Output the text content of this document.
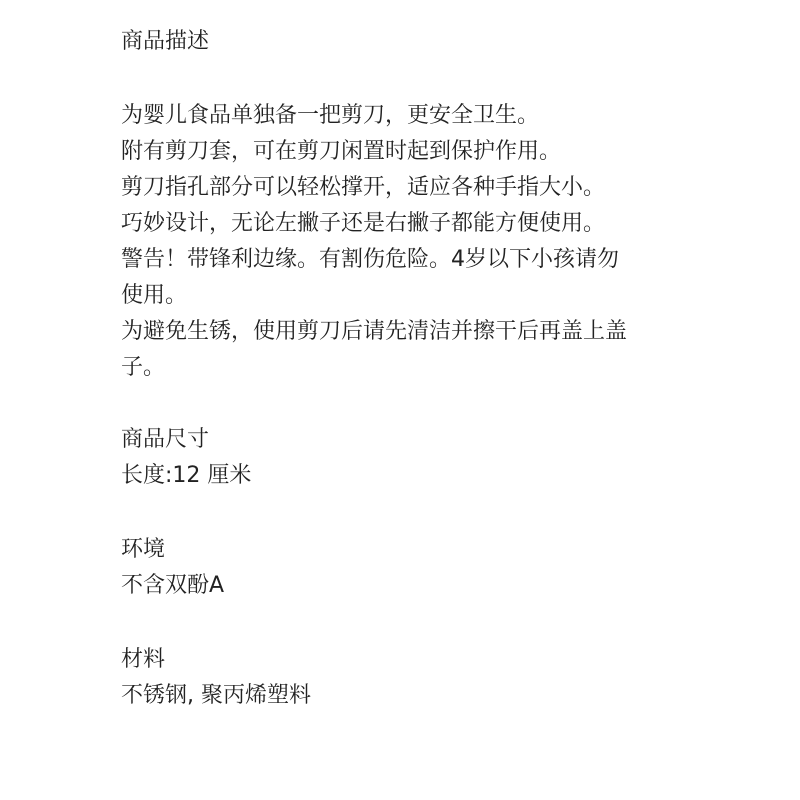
商品描述

为婴儿食品单独备一把剪刀，更安全卫生。

附有剪刀套，可在剪刀闲置时起到保护作用。

剪刀指孔部分可以轻松撑开，适应各种手指大小。

巧妙设计，无论左撇子还是右撇子都能方便使用。

警告！带锋利边缘。有割伤危险。4岁以下小孩请勿

使用。

为避免生锈，使用剪刀后请先清洁并擦干后再盖上盖

子。

商品尺寸

长度:12 厘米

环境

不含双酚A

材料

不锈钢, 聚丙烯塑料
